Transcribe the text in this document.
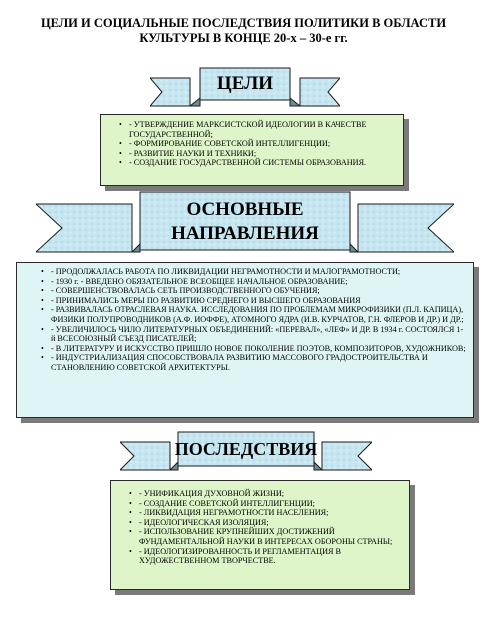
ЦЕЛИ И СОЦИАЛЬНЫЕ ПОСЛЕДСТВИЯ ПОЛИТИКИ В ОБЛАСТИ
КУЛЬТУРЫ В КОНЦЕ 20-х – 30-е гг.
ЦЕЛИ
• - УТВЕРЖДЕНИЕ МАРКСИСТСКОЙ ИДЕОЛОГИИ В КАЧЕСТВЕ ГОСУДАРСТВЕННОЙ;
• - ФОРМИРОВАНИЕ СОВЕТСКОЙ ИНТЕЛЛИГЕНЦИИ;
• - РАЗВИТИЕ НАУКИ И ТЕХНИКИ;
• - СОЗДАНИЕ ГОСУДАРСТВЕННОЙ СИСТЕМЫ ОБРАЗОВАНИЯ.
ОСНОВНЫЕ
НАПРАВЛЕНИЯ
• - ПРОДОЛЖАЛАСЬ РАБОТА ПО ЛИКВИДАЦИИ НЕГРАМОТНОСТИ И МАЛОГРАМОТНОСТИ;
• - 1930 г. - ВВЕДЕНО ОБЯЗАТЕЛЬНОЕ ВСЕОБЩЕЕ НАЧАЛЬНОЕ ОБРАЗОВАНИЕ;
• - СОВЕРШЕНСТВОВАЛАСЬ СЕТЬ ПРОИЗВОДСТВЕННОГО ОБУЧЕНИЯ;
• - ПРИНИМАЛИСЬ МЕРЫ ПО РАЗВИТИЮ СРЕДНЕГО И ВЫСШЕГО ОБРАЗОВАНИЯ
• - РАЗВИВАЛАСЬ ОТРАСЛЕВАЯ НАУКА. ИССЛЕДОВАНИЯ ПО ПРОБЛЕМАМ МИКРОФИЗИКИ (П.Л. КАПИЦА), ФИЗИКИ ПОЛУПРОВОДНИКОВ (А.Ф. ИОФФЕ), АТОМНОГО ЯДРА (И.В. КУРЧАТОВ, Г.Н. ФЛЕРОВ И ДР.) И ДР.;
• - УВЕЛИЧИЛОСЬ ЧИЛО ЛИТЕРАТУРНЫХ ОБЪЕДИНЕНИЙ: «ПЕРЕВАЛ», «ЛЕФ» И ДР. В 1934 г. СОСТОЯЛСЯ 1-й ВСЕСОЮЗНЫЙ СЪЕЗД ПИСАТЕЛЕЙ;
• - В ЛИТЕРАТУРУ И ИСКУССТВО ПРИШЛО НОВОЕ ПОКОЛЕНИЕ ПОЭТОВ, КОМПОЗИТОРОВ, ХУДОЖНИКОВ;
• - ИНДУСТРИАЛИЗАЦИЯ СПОСОБСТВОВАЛА РАЗВИТИЮ МАССОВОГО ГРАДОСТРОИТЕЛЬСТВА И СТАНОВЛЕНИЮ СОВЕТСКОЙ АРХИТЕКТУРЫ.
ПОСЛЕДСТВИЯ
• - УНИФИКАЦИЯ ДУХОВНОЙ ЖИЗНИ;
• - СОЗДАНИЕ СОВЕТСКОЙ ИНТЕЛЛИГЕНЦИИ;
• - ЛИКВИДАЦИЯ НЕГРАМОТНОСТИ НАСЕЛЕНИЯ;
• - ИДЕОЛОГИЧЕСКАЯ ИЗОЛЯЦИЯ;
• - ИСПОЛЬЗОВАНИЕ КРУПНЕЙШИХ ДОСТИЖЕНИЙ ФУНДАМЕНТАЛЬНОЙ НАУКИ В ИНТЕРЕСАХ ОБОРОНЫ СТРАНЫ;
• - ИДЕОЛОГИЗИРОВАННОСТЬ И РЕГЛАМЕНТАЦИЯ В ХУДОЖЕСТВЕННОМ ТВОРЧЕСТВЕ.
